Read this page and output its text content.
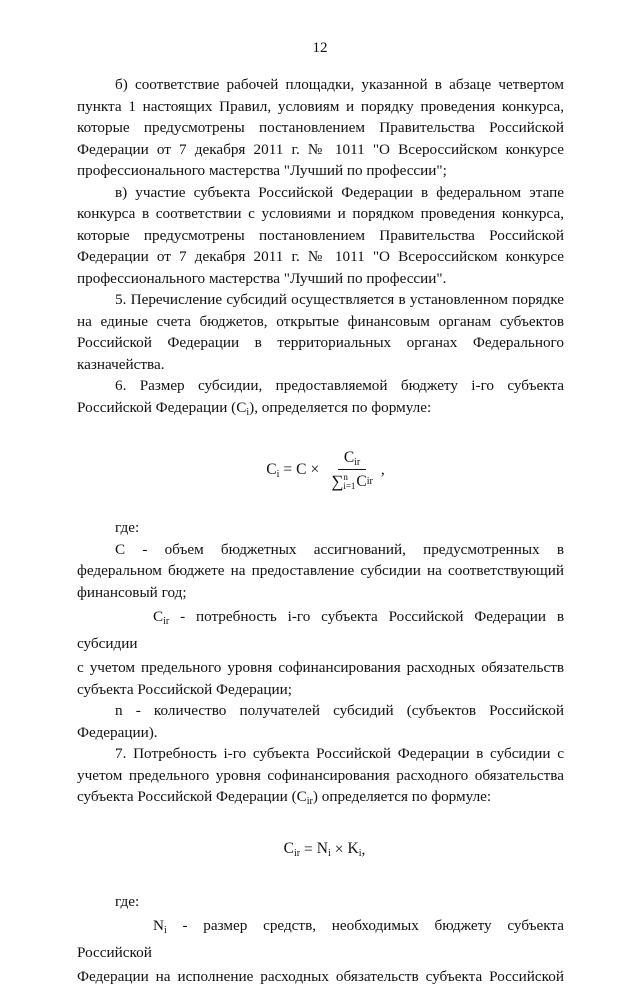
12

б) соответствие рабочей площадки, указанной в абзаце четвертом пункта 1 настоящих Правил, условиям и порядку проведения конкурса, которые предусмотрены постановлением Правительства Российской Федерации от 7 декабря 2011 г. № 1011 "О Всероссийском конкурсе профессионального мастерства "Лучший по профессии";

в) участие субъекта Российской Федерации в федеральном этапе конкурса в соответствии с условиями и порядком проведения конкурса, которые предусмотрены постановлением Правительства Российской Федерации от 7 декабря 2011 г. № 1011 "О Всероссийском конкурсе профессионального мастерства "Лучший по профессии".

5. Перечисление субсидий осуществляется в установленном порядке на единые счета бюджетов, открытые финансовым органам субъектов Российской Федерации в территориальных органах Федерального казначейства.

6. Размер субсидии, предоставляемой бюджету i-го субъекта Российской Федерации $(C_i)$, определяется по формуле:

$C_i = C \times C_{ir}$
∑ n
i=1 C ir ,

где:

C - объем бюджетных ассигнований, предусмотренных в федеральном бюджете на предоставление субсидии на соответствующий финансовый год;

$C_{ir}$ - потребность i-го субъекта Российской Федерации в субсидии

с учетом предельного уровня софинансирования расходных обязательств субъекта Российской Федерации;

n - количество получателей субсидий (субъектов Российской Федерации).

7. Потребность i-го субъекта Российской Федерации в субсидии с учетом предельного уровня софинансирования расходного обязательства субъекта Российской Федерации $(C_{ir})$ определяется по формуле:

$C_{ir} = N_i \times K_i$ ,

где:

$N_i$ - размер средств, необходимых бюджету субъекта Российской

Федерации на исполнение расходных обязательств субъекта Российской
